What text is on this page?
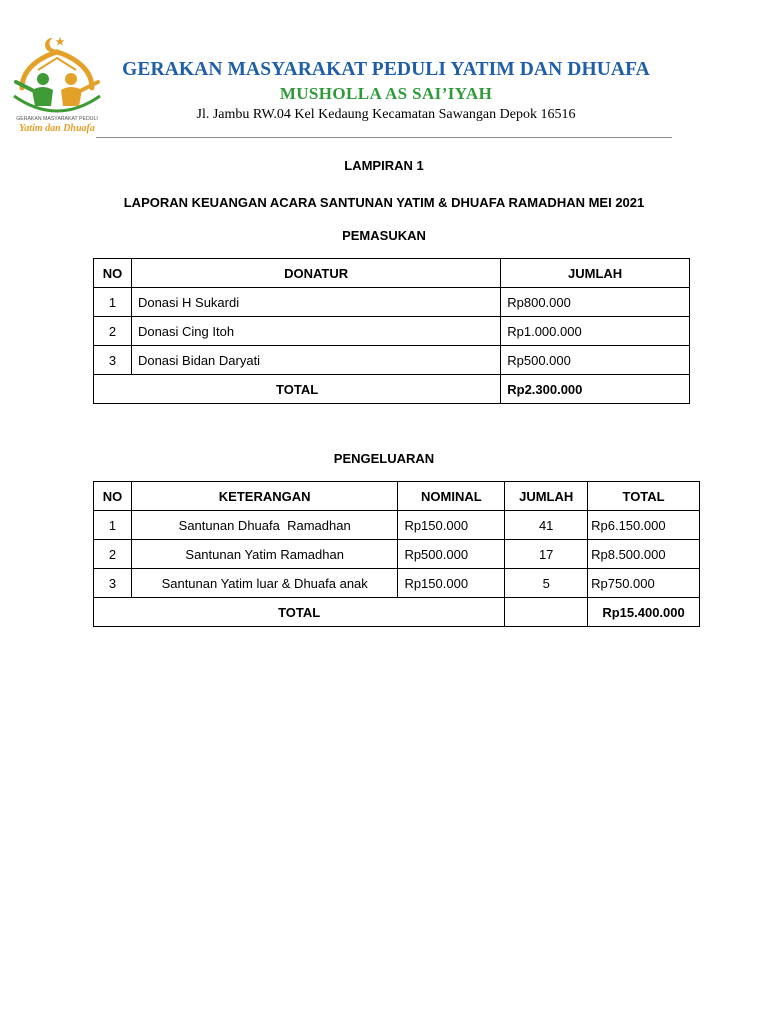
GERAKAN MASYARAKAT PEDULI
Yatim dan Dhuafa
GERAKAN MASYARAKAT PEDULI YATIM DAN DHUAFA
MUSHOLLA AS SAI’IYAH
Jl. Jambu RW.04 Kel Kedaung Kecamatan Sawangan Depok 16516
LAMPIRAN 1
LAPORAN KEUANGAN ACARA SANTUNAN YATIM & DHUAFA RAMADHAN MEI 2021
PEMASUKAN
NO	DONATUR	JUMLAH
1	Donasi H Sukardi	Rp800.000
2	Donasi Cing Itoh	Rp1.000.000
3	Donasi Bidan Daryati	Rp500.000
TOTAL		Rp2.300.000
PENGELUARAN
NO	KETERANGAN	NOMINAL	JUMLAH	TOTAL
1	Santunan Dhuafa  Ramadhan	Rp150.000	41	Rp6.150.000
2	Santunan Yatim Ramadhan	Rp500.000	17	Rp8.500.000
3	Santunan Yatim luar & Dhuafa anak	Rp150.000	5	Rp750.000
TOTAL				Rp15.400.000
